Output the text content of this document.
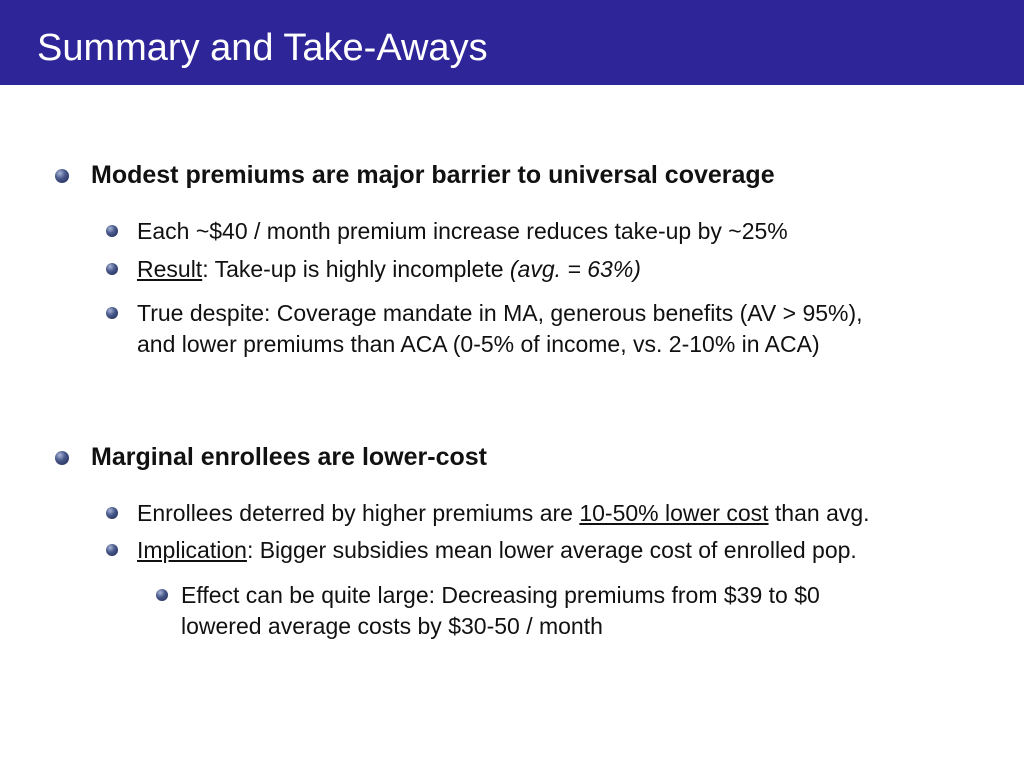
Summary and Take-Aways
Modest premiums are major barrier to universal coverage
Each ~$40 / month premium increase reduces take-up by ~25%
Result: Take-up is highly incomplete (avg. = 63%)
True despite: Coverage mandate in MA, generous benefits (AV > 95%),
and lower premiums than ACA (0-5% of income, vs. 2-10% in ACA)
Marginal enrollees are lower-cost
Enrollees deterred by higher premiums are 10-50% lower cost than avg.
Implication: Bigger subsidies mean lower average cost of enrolled pop.
Effect can be quite large: Decreasing premiums from $39 to $0
lowered average costs by $30-50 / month
